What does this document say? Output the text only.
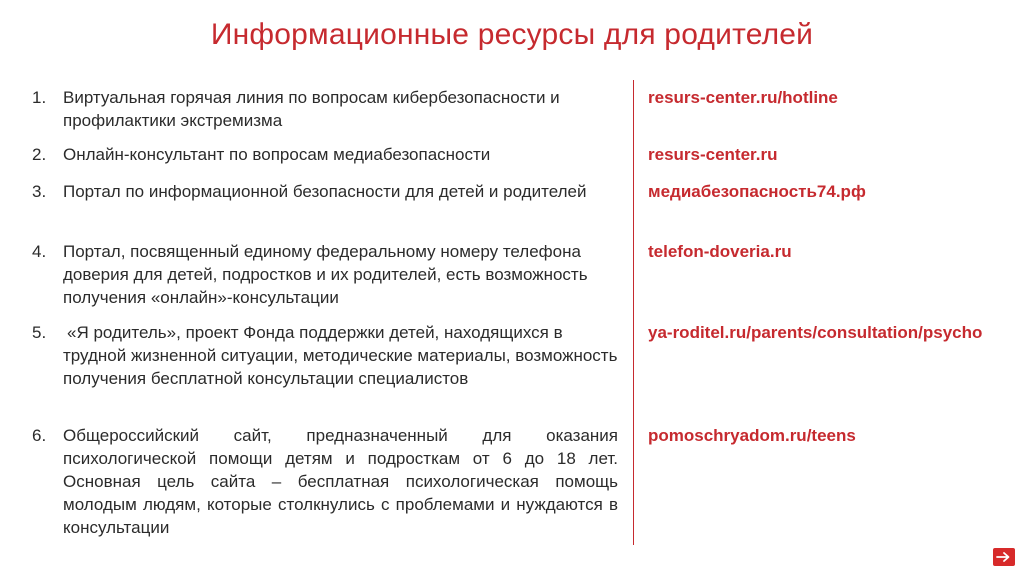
Информационные ресурсы для родителей
1. Виртуальная горячая линия по вопросам кибербезопасности и профилактики экстремизма
resurs-center.ru/hotline
2. Онлайн-консультант по вопросам медиабезопасности	resurs-center.ru
3. Портал по информационной безопасности для детей и родителей	медиабезопасность74.рф
4. Портал, посвященный единому федеральному номеру телефона доверия для детей, подростков и их родителей, есть возможность получения «онлайн»-консультации
telefon-doveria.ru
5. «Я родитель», проект Фонда поддержки детей, находящихся в трудной жизненной ситуации, методические материалы, возможность получения бесплатной консультации специалистов
ya-roditel.ru/parents/consultation/psycho
6. Общероссийский сайт, предназначенный для оказания психологической помощи детям и подросткам от 6 до 18 лет. Основная цель сайта – бесплатная психологическая помощь молодым людям, которые столкнулись с проблемами и нуждаются в консультации
pomoschryadom.ru/teens
